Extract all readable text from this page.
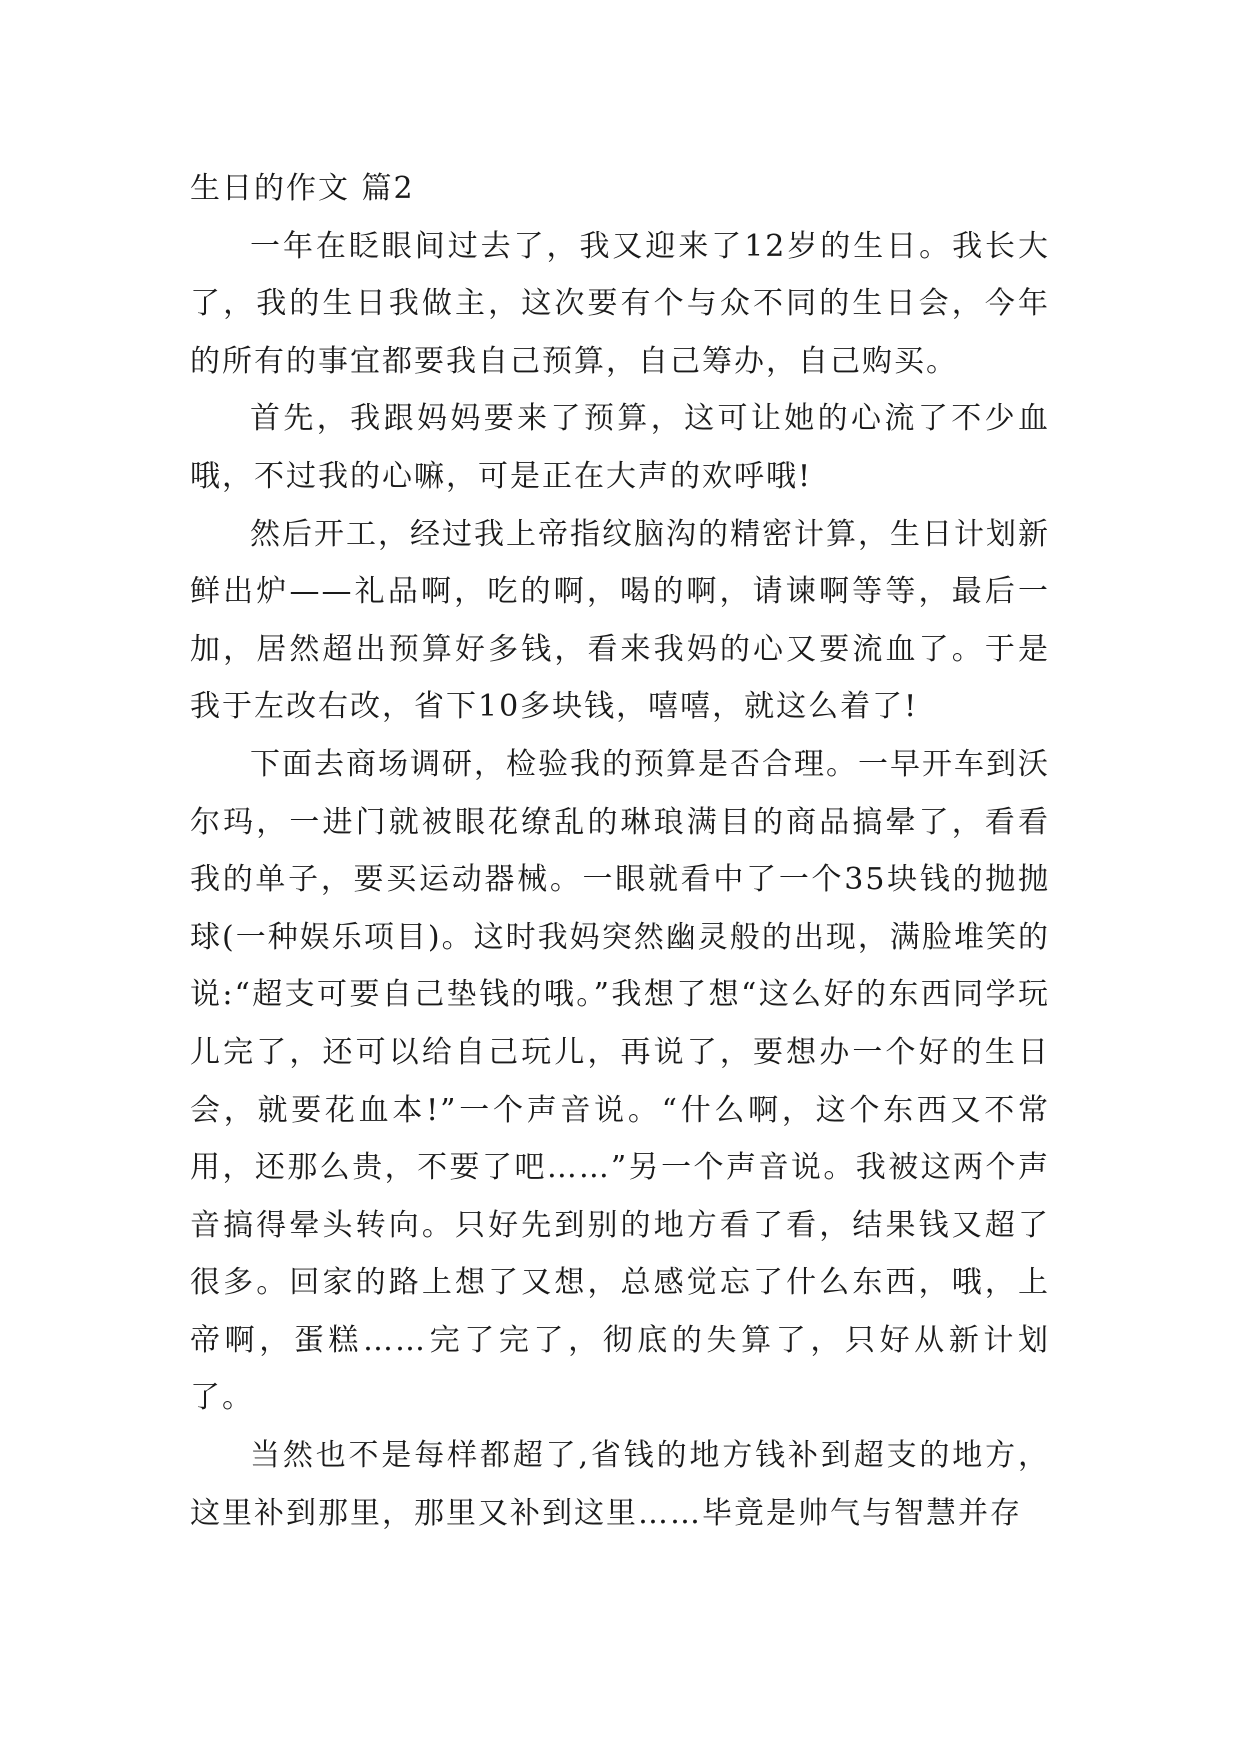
生日的作文 篇2

一年在眨眼间过去了，我又迎来了12岁的生日。我长大了，我的生日我做主，这次要有个与众不同的生日会，今年的所有的事宜都要我自己预算，自己筹办，自己购买。

首先，我跟妈妈要来了预算，这可让她的心流了不少血哦，不过我的心嘛，可是正在大声的欢呼哦!

然后开工，经过我上帝指纹脑沟的精密计算，生日计划新鲜出炉——礼品啊，吃的啊，喝的啊，请谏啊等等，最后一加，居然超出预算好多钱，看来我妈的心又要流血了。于是我于左改右改，省下10多块钱，嘻嘻，就这么着了!

下面去商场调研，检验我的预算是否合理。一早开车到沃尔玛，一进门就被眼花缭乱的琳琅满目的商品搞晕了，看看我的单子，要买运动器械。一眼就看中了一个35块钱的抛抛球(一种娱乐项目)。这时我妈突然幽灵般的出现，满脸堆笑的说:“超支可要自己垫钱的哦。”我想了想“这么好的东西同学玩儿完了，还可以给自己玩儿，再说了，要想办一个好的生日会，就要花血本!”一个声音说。“什么啊，这个东西又不常用，还那么贵，不要了吧……”另一个声音说。我被这两个声音搞得晕头转向。只好先到别的地方看了看，结果钱又超了很多。回家的路上想了又想，总感觉忘了什么东西，哦，上帝啊，蛋糕……完了完了，彻底的失算了，只好从新计划了。

当然也不是每样都超了,省钱的地方钱补到超支的地方，这里补到那里，那里又补到这里……毕竟是帅气与智慧并存
